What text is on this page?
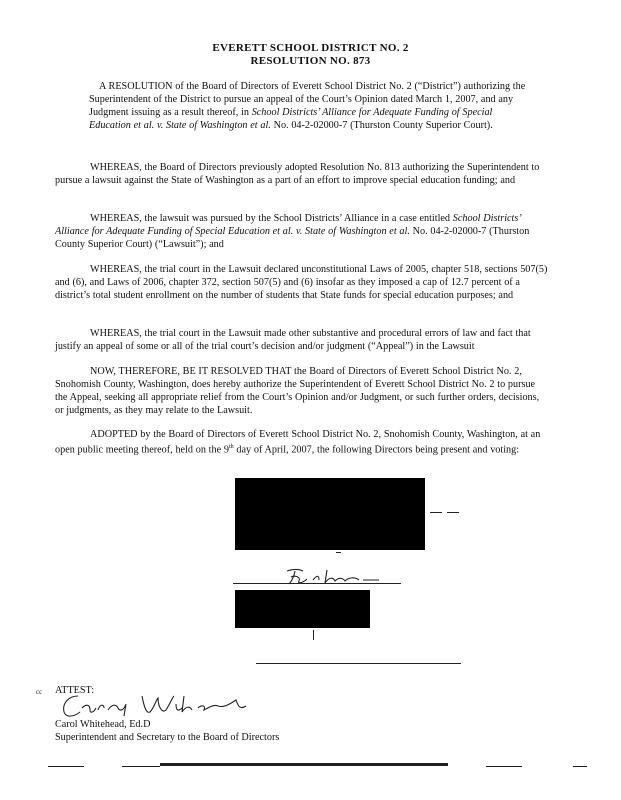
EVERETT SCHOOL DISTRICT NO. 2
RESOLUTION NO. 873

A RESOLUTION of the Board of Directors of Everett School District No. 2 (“District”) authorizing the Superintendent of the District to pursue an appeal of the Court’s Opinion dated March 1, 2007, and any Judgment issuing as a result thereof, in School Districts’ Alliance for Adequate Funding of Special Education et al. v. State of Washington et al. No. 04-2-02000-7 (Thurston County Superior Court).

WHEREAS, the Board of Directors previously adopted Resolution No. 813 authorizing the Superintendent to pursue a lawsuit against the State of Washington as a part of an effort to improve special education funding; and

WHEREAS, the lawsuit was pursued by the School Districts’ Alliance in a case entitled School Districts’ Alliance for Adequate Funding of Special Education et al. v. State of Washington et al. No. 04-2-02000-7 (Thurston County Superior Court) (“Lawsuit”); and

WHEREAS, the trial court in the Lawsuit declared unconstitutional Laws of 2005, chapter 518, sections 507(5) and (6), and Laws of 2006, chapter 372, section 507(5) and (6) insofar as they imposed a cap of 12.7 percent of a district’s total student enrollment on the number of students that State funds for special education purposes; and

WHEREAS, the trial court in the Lawsuit made other substantive and procedural errors of law and fact that justify an appeal of some or all of the trial court’s decision and/or judgment (“Appeal”) in the Lawsuit

NOW, THEREFORE, BE IT RESOLVED THAT the Board of Directors of Everett School District No. 2, Snohomish County, Washington, does hereby authorize the Superintendent of Everett School District No. 2 to pursue the Appeal, seeking all appropriate relief from the Court’s Opinion and/or Judgment, or such further orders, decisions, or judgments, as they may relate to the Lawsuit.

ADOPTED by the Board of Directors of Everett School District No. 2, Snohomish County, Washington, at an open public meeting thereof, held on the 9th day of April, 2007, the following Directors being present and voting:

cc ATTEST:
Carol Whitehead, Ed.D
Superintendent and Secretary to the Board of Directors
